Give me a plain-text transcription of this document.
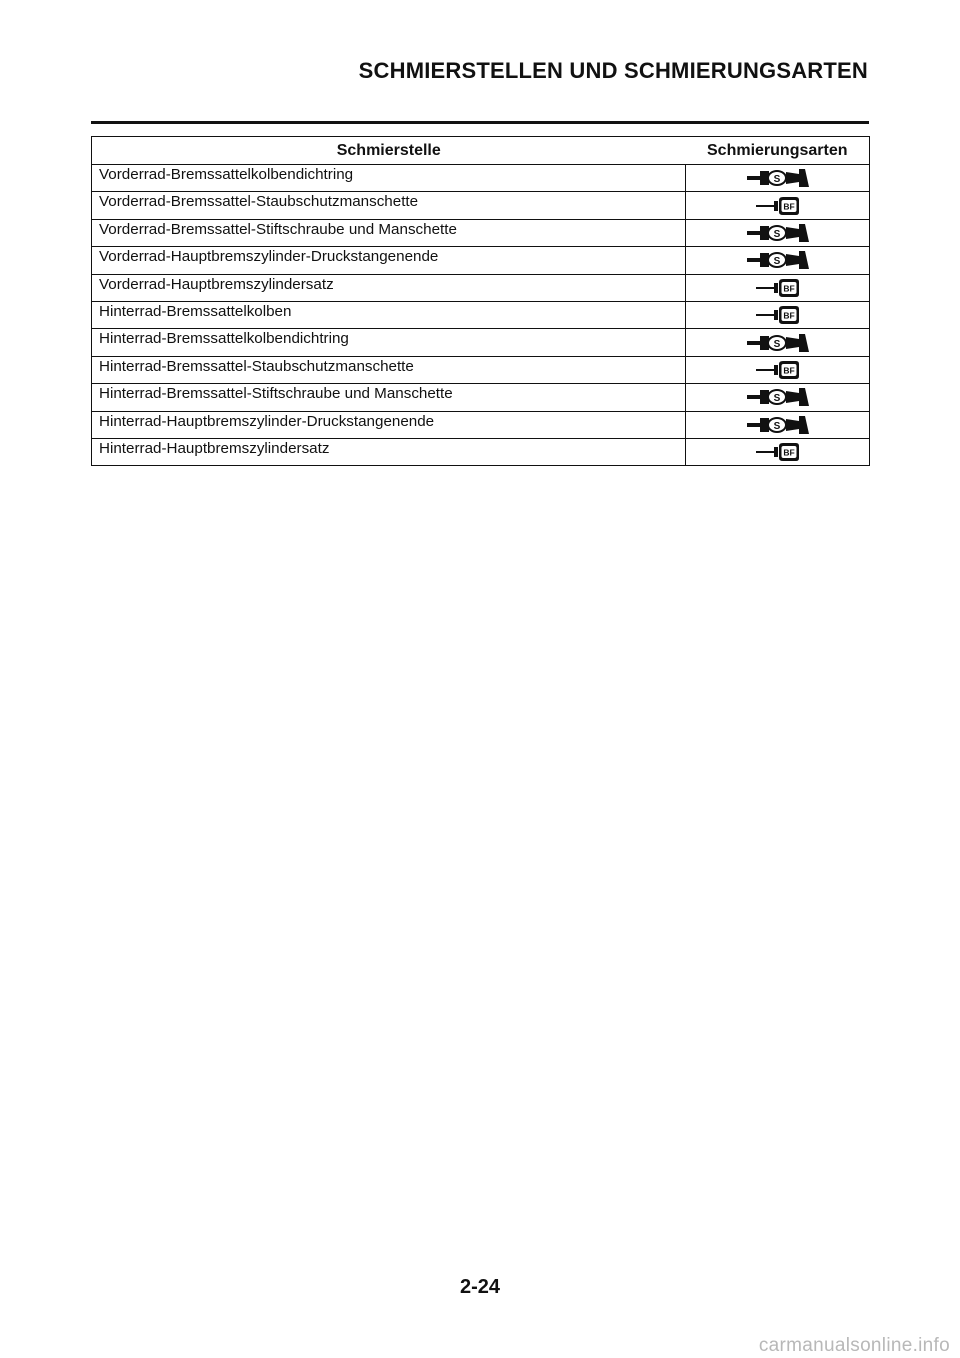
SCHMIERSTELLEN UND SCHMIERUNGSARTEN
Schmierstelle	Schmierungsarten
Vorderrad-Bremssattelkolbendichtring	S

Vorderrad-Bremssattel-Staubschutzmanschette	BF

Vorderrad-Bremssattel-Stiftschraube und Manschette	S

Vorderrad-Hauptbremszylinder-Druckstangenende	S

Vorderrad-Hauptbremszylindersatz	BF

Hinterrad-Bremssattelkolben	BF

Hinterrad-Bremssattelkolbendichtring	S

Hinterrad-Bremssattel-Staubschutzmanschette	BF

Hinterrad-Bremssattel-Stiftschraube und Manschette	S

Hinterrad-Hauptbremszylinder-Druckstangenende	S

Hinterrad-Hauptbremszylindersatz	BF
2-24
carmanualsonline.info
